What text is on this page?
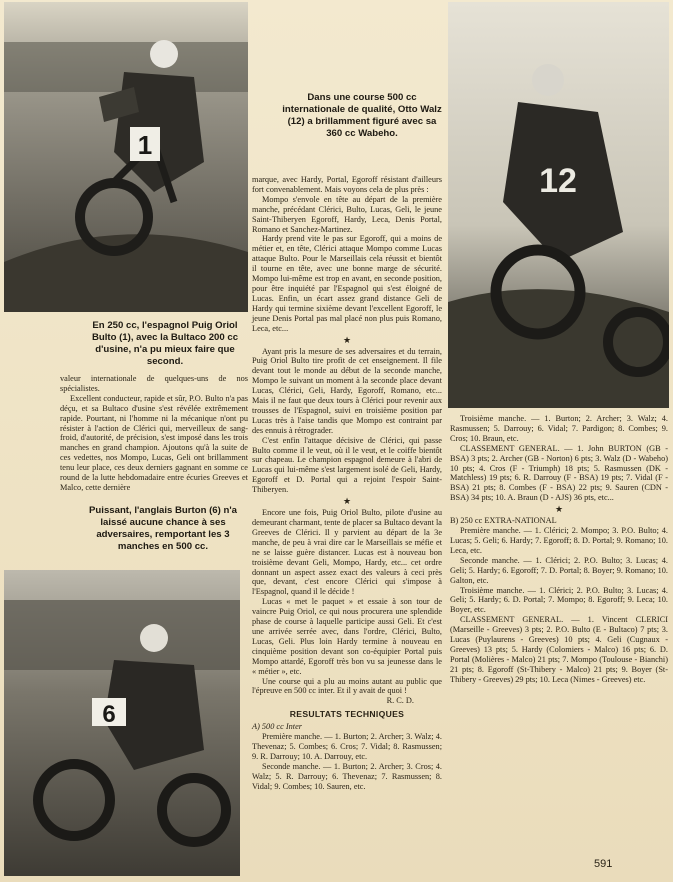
1
12
6
Dans une course 500 cc internationale de qualité, Otto Walz (12) a brillamment figuré avec sa 360 cc Wabeho.
En 250 cc, l'espagnol Puig Oriol Bulto (1), avec la Bultaco 200 cc d'usine, n'a pu mieux faire que second.
Puissant, l'anglais Burton (6) n'a laissé aucune chance à ses adversaires, remportant les 3 manches en 500 cc.

valeur internationale de quelques-uns de nos spécialistes.

Excellent conducteur, rapide et sûr, P.O. Bulto n'a pas déçu, et sa Bultaco d'usine s'est révélée extrêmement rapide. Pourtant, ni l'homme ni la mécanique n'ont pu résister à l'action de Clérici qui, merveilleux de sang-froid, d'autorité, de précision, s'est imposé dans les trois manches en grand champion. Ajoutons qu'à la suite de ces vedettes, nos Mompo, Lucas, Geli ont brillamment tenu leur place, ces deux derniers gagnant en somme ce round de la lutte hebdomadaire entre écuries Greeves et Malco, cette dernière

marque, avec Hardy, Portal, Egoroff résistant d'ailleurs fort convenablement. Mais voyons cela de plus près :

Mompo s'envole en tête au départ de la première manche, précédant Clérici, Bulto, Lucas, Geli, le jeune Saint-Thiberyen Egoroff, Hardy, Leca, Denis Portal, Romano et Sanchez-Martinez.

Hardy prend vite le pas sur Egoroff, qui a moins de métier et, en tête, Clérici attaque Mompo comme Lucas attaque Bulto. Pour le Marseillais cela réussit et bientôt il tourne en tête, avec une bonne marge de sécurité. Mompo lui-même est trop en avant, en seconde position, pour être inquiété par l'Espagnol qui s'est éloigné de Lucas. Enfin, un écart assez grand distance Geli de Hardy qui termine sixième devant l'excellent Egoroff, le jeune Denis Portal pas mal placé non plus puis Romano, Leca, etc...

★

Ayant pris la mesure de ses adversaires et du terrain, Puig Oriol Bulto tire profit de cet enseignement. Il file devant tout le monde au début de la seconde manche, Mompo le suivant un moment à la seconde place devant Lucas, Clérici, Geli, Hardy, Egoroff, Romano, etc... Mais il ne faut que deux tours à Clérici pour revenir aux trousses de l'Espagnol, suivi en troisième position par Lucas très à l'aise tandis que Mompo est contraint par des ennuis à rétrograder.

C'est enfin l'attaque décisive de Clérici, qui passe Bulto comme il le veut, où il le veut, et le coiffe bientôt sur chapeau. Le champion espagnol demeure à l'abri de Lucas qui lui-même s'est largement isolé de Geli, Hardy, Egoroff et D. Portal qui a rejoint l'espoir Saint-Thiberyen.

★

Encore une fois, Puig Oriol Bulto, pilote d'usine au demeurant charmant, tente de placer sa Bultaco devant la Greeves de Clérici. Il y parvient au départ de la 3e manche, de peu à vrai dire car le Marseillais se méfie et ne se laisse guère distancer. Lucas est à nouveau bon troisième devant Geli, Mompo, Hardy, etc... cet ordre donnant un aspect assez exact des valeurs à ceci près que, devant, c'est encore Clérici qui s'impose à l'Espagnol, quand il le décide !

Lucas « met le paquet » et essaie à son tour de vaincre Puig Oriol, ce qui nous procurera une splendide phase de course à laquelle participe aussi Geli. Et c'est une arrivée serrée avec, dans l'ordre, Clérici, Bulto, Lucas, Geli. Plus loin Hardy termine à nouveau en cinquième position devant son co-équipier Portal puis Mompo attardé, Egoroff très bon vu sa jeunesse dans le « métier », etc.

Une course qui a plu au moins autant au public que l'épreuve en 500 cc inter. Et il y avait de quoi !

R. C. D.
RESULTATS TECHNIQUES

A) 500 cc Inter

Première manche. — 1. Burton; 2. Archer; 3. Walz; 4. Thevenaz; 5. Combes; 6. Cros; 7. Vidal; 8. Rasmussen; 9. R. Darrouy; 10. A. Darrouy, etc.

Seconde manche. — 1. Burton; 2. Archer; 3. Cros; 4. Walz; 5. R. Darrouy; 6. Thevenaz; 7. Rasmussen; 8. Vidal; 9. Combes; 10. Sauren, etc.

Troisième manche. — 1. Burton; 2. Archer; 3. Walz; 4. Rasmussen; 5. Darrouy; 6. Vidal; 7. Pardigon; 8. Combes; 9. Cros; 10. Braun, etc.

CLASSEMENT GENERAL. — 1. John BURTON (GB - BSA) 3 pts; 2. Archer (GB - Norton) 6 pts; 3. Walz (D - Wabeho) 10 pts; 4. Cros (F - Triumph) 18 pts; 5. Rasmussen (DK - Matchless) 19 pts; 6. R. Darrouy (F - BSA) 19 pts; 7. Vidal (F - BSA) 21 pts; 8. Combes (F - BSA) 22 pts; 9. Sauren (CDN - BSA) 34 pts; 10. A. Braun (D - AJS) 36 pts, etc...

★

B) 250 cc EXTRA-NATIONAL

Première manche. — 1. Clérici; 2. Mompo; 3. P.O. Bulto; 4. Lucas; 5. Geli; 6. Hardy; 7. Egoroff; 8. D. Portal; 9. Romano; 10. Leca, etc.

Seconde manche. — 1. Clérici; 2. P.O. Bulto; 3. Lucas; 4. Geli; 5. Hardy; 6. Egoroff; 7. D. Portal; 8. Boyer; 9. Romano; 10. Galton, etc.

Troisième manche. — 1. Clérici; 2. P.O. Bulto; 3. Lucas; 4. Geli; 5. Hardy; 6. D. Portal; 7. Mompo; 8. Egoroff; 9. Leca; 10. Boyer, etc.

CLASSEMENT GENERAL. — 1. Vincent CLERICI (Marseille - Greeves) 3 pts; 2. P.O. Bulto (E - Bultaco) 7 pts; 3. Lucas (Puylaurens - Greeves) 10 pts; 4. Geli (Cugnaux - Greeves) 13 pts; 5. Hardy (Colomiers - Malco) 16 pts; 6. D. Portal (Molières - Malco) 21 pts; 7. Mompo (Toulouse - Bianchi) 21 pts; 8. Egoroff (St-Thibery - Malco) 21 pts; 9. Boyer (St-Thibery - Greeves) 29 pts; 10. Leca (Nimes - Greeves) etc.

591
